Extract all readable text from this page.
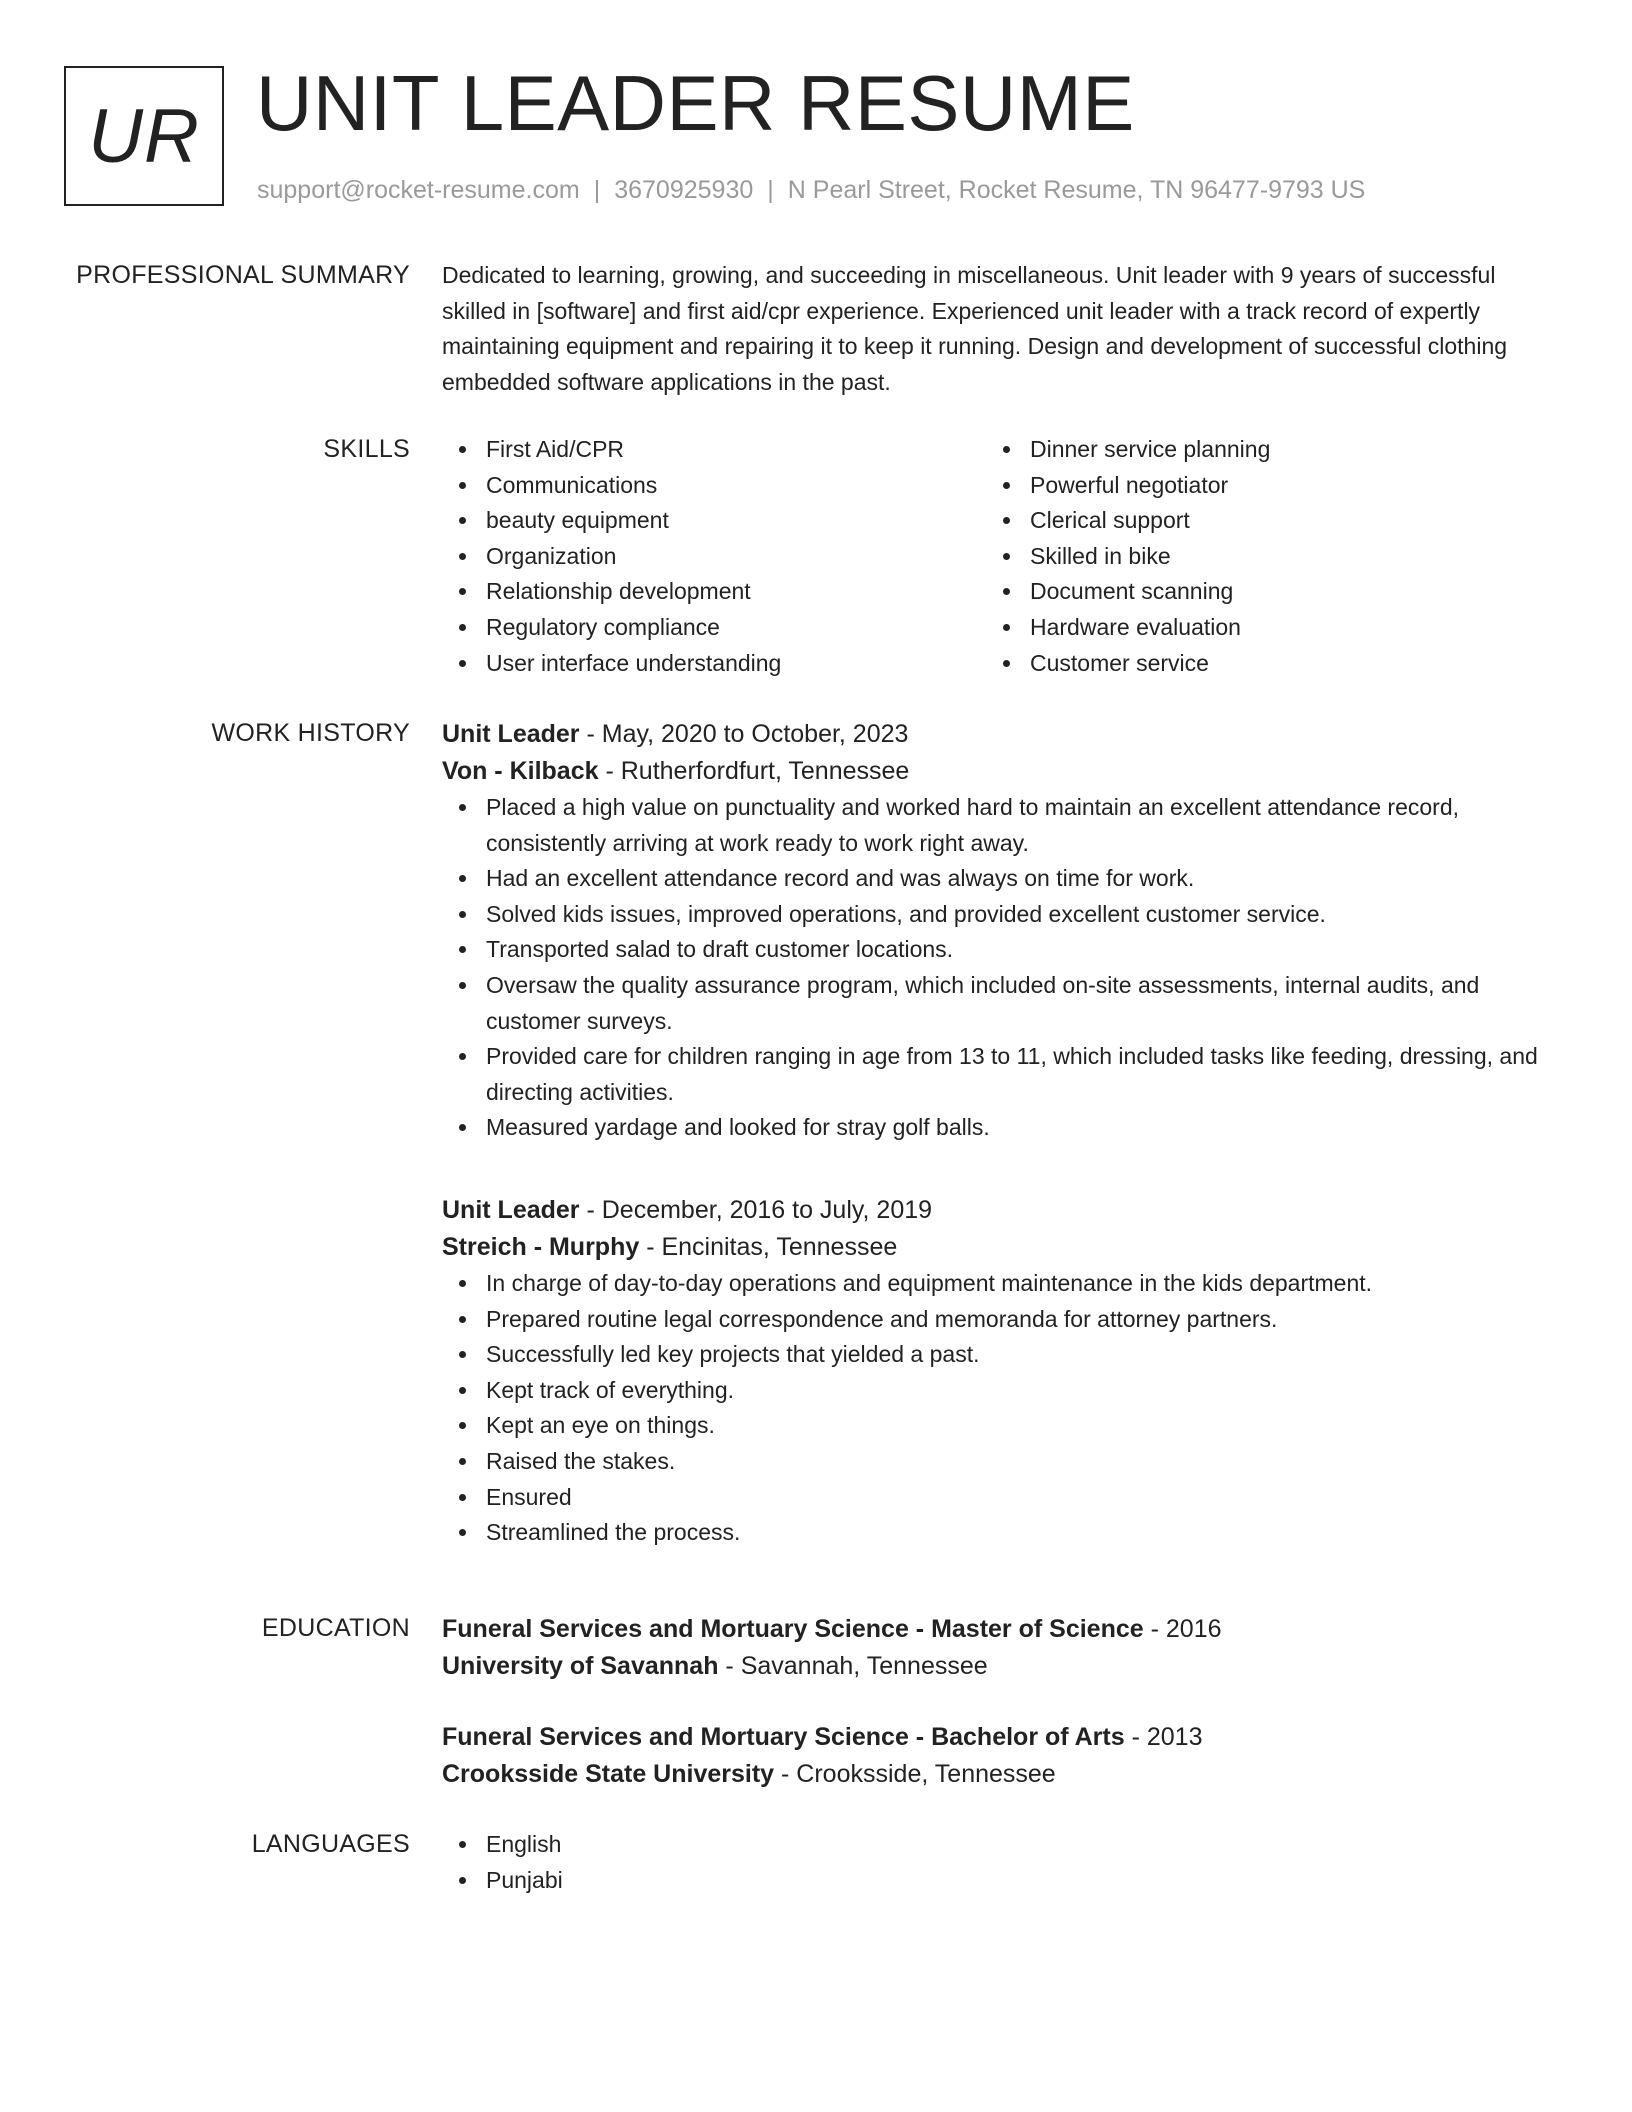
UR UNIT LEADER RESUME
support@rocket-resume.com | 3670925930 | N Pearl Street, Rocket Resume, TN 96477-9793 US
PROFESSIONAL SUMMARY Dedicated to learning, growing, and succeeding in miscellaneous. Unit leader with 9 years of successful skilled in [software] and first aid/cpr experience. Experienced unit leader with a track record of expertly maintaining equipment and repairing it to keep it running. Design and development of successful clothing embedded software applications in the past.

SKILLS	First Aid/CPR
Communications
beauty equipment
Organization
Relationship development
Regulatory compliance
User interface understanding
Dinner service planning
Powerful negotiator
Clerical support
Skilled in bike
Document scanning
Hardware evaluation
Customer service
WORK HISTORY Unit Leader - May, 2020 to October, 2023
Von - Kilback - Rutherfordfurt, Tennessee
Placed a high value on punctuality and worked hard to maintain an excellent attendance record, consistently arriving at work ready to work right away.
Had an excellent attendance record and was always on time for work.
Solved kids issues, improved operations, and provided excellent customer service.
Transported salad to draft customer locations.
Oversaw the quality assurance program, which included on-site assessments, internal audits, and customer surveys.
Provided care for children ranging in age from 13 to 11, which included tasks like feeding, dressing, and directing activities.
Measured yardage and looked for stray golf balls.
Unit Leader - December, 2016 to July, 2019
Streich - Murphy - Encinitas, Tennessee
In charge of day-to-day operations and equipment maintenance in the kids department.
Prepared routine legal correspondence and memoranda for attorney partners.
Successfully led key projects that yielded a past.
Kept track of everything.
Kept an eye on things.
Raised the stakes.
Ensured
Streamlined the process.
EDUCATION Funeral Services and Mortuary Science - Master of Science - 2016
University of Savannah - Savannah, Tennessee
Funeral Services and Mortuary Science - Bachelor of Arts - 2013
Crooksside State University - Crooksside, Tennessee
LANGUAGES	English
Punjabi
